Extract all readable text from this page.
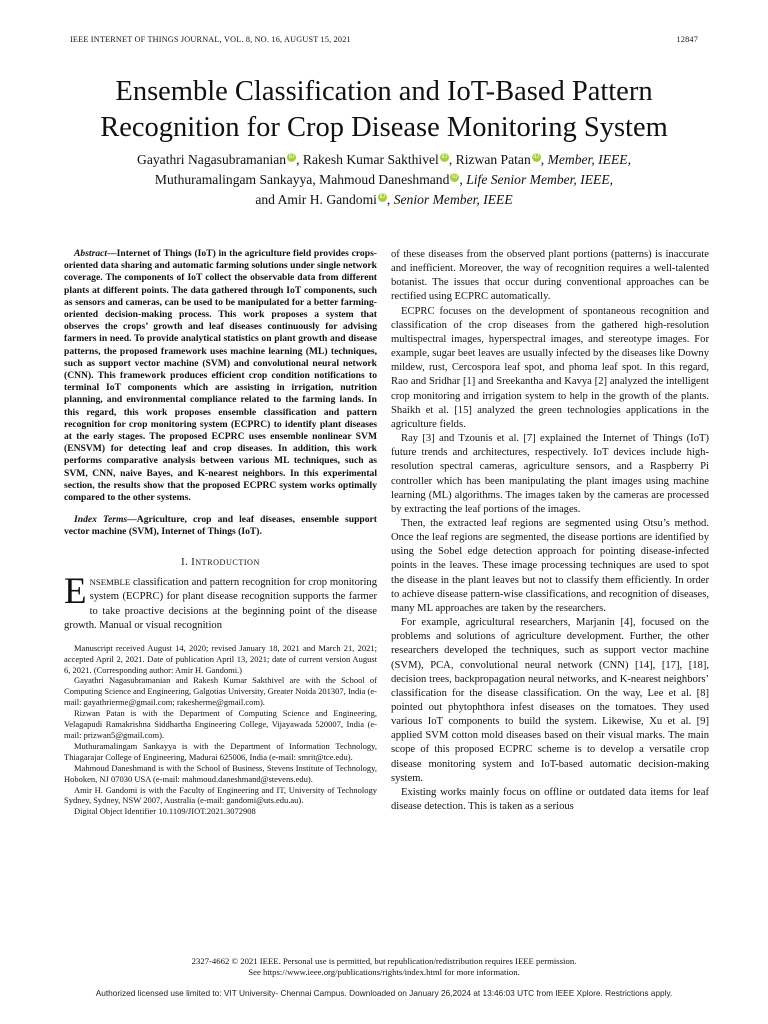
IEEE INTERNET OF THINGS JOURNAL, VOL. 8, NO. 16, AUGUST 15, 2021	12847
Ensemble Classification and IoT-Based Pattern
Recognition for Crop Disease Monitoring System
Gayathri Nagasubramanian iD , Rakesh Kumar Sakthivel iD , Rizwan Patan iD , Member, IEEE,
Muthuramalingam Sankayya, Mahmoud Daneshmand iD , Life Senior Member, IEEE,
and Amir H. Gandomi iD , Senior Member, IEEE

Abstract—Internet of Things (IoT) in the agriculture field provides crops-oriented data sharing and automatic farming solutions under single network coverage. The components of IoT collect the observable data from different plants at different points. The data gathered through IoT components, such as sensors and cameras, can be used to be manipulated for a better farming-oriented decision-making process. This work proposes a system that observes the crops’ growth and leaf diseases continuously for advising farmers in need. To provide analytical statistics on plant growth and disease patterns, the proposed framework uses machine learning (ML) techniques, such as support vector machine (SVM) and convolutional neural network (CNN). This framework produces efficient crop condition notifications to terminal IoT components which are assisting in irrigation, nutrition planning, and environmental compliance related to the farming lands. In this regard, this work proposes ensemble classification and pattern recognition for crop monitoring system (ECPRC) to identify plant diseases at the early stages. The proposed ECPRC uses ensemble nonlinear SVM (ENSVM) for detecting leaf and crop diseases. In addition, this work performs comparative analysis between various ML techniques, such as SVM, CNN, naive Bayes, and K-nearest neighbors. In this experimental section, the results show that the proposed ECPRC system works optimally compared to the other systems.

Index Terms—Agriculture, crop and leaf diseases, ensemble support vector machine (SVM), Internet of Things (IoT).

I. INTRODUCTION

ENSEMBLE classification and pattern recognition for crop monitoring system (ECPRC) for plant disease recognition supports the farmer to take proactive decisions at the beginning point of the disease growth. Manual or visual recognition

Manuscript received August 14, 2020; revised January 18, 2021 and March 21, 2021; accepted April 2, 2021. Date of publication April 13, 2021; date of current version August 6, 2021. (Corresponding author: Amir H. Gandomi.)

Gayathri Nagasubramanian and Rakesh Kumar Sakthivel are with the School of Computing Science and Engineering, Galgotias University, Greater Noida 201307, India (e-mail: gayathrierme@gmail.com; rakesherme@gmail.com).

Rizwan Patan is with the Department of Computing Science and Engineering, Velagapudi Ramakrishna Siddhartha Engineering College, Vijayawada 520007, India (e-mail: prizwan5@gmail.com).

Muthuramalingam Sankayya is with the Department of Information Technology, Thiagarajar College of Engineering, Madurai 625006, India (e-mail: smrit@tce.edu).

Mahmoud Daneshmand is with the School of Business, Stevens Institute of Technology, Hoboken, NJ 07030 USA (e-mail: mahmoud.daneshmand@stevens.edu).

Amir H. Gandomi is with the Faculty of Engineering and IT, University of Technology Sydney, Sydney, NSW 2007, Australia (e-mail: gandomi@uts.edu.au).

Digital Object Identifier 10.1109/JIOT.2021.3072908

of these diseases from the observed plant portions (patterns) is inaccurate and inefficient. Moreover, the way of recognition requires a well-talented botanist. The issues that occur during conventional approaches can be rectified using ECPRC automatically.

ECPRC focuses on the development of spontaneous recognition and classification of the crop diseases from the gathered high-resolution multispectral images, hyperspectral images, and stereotype images. For example, sugar beet leaves are usually infected by the diseases like Downy mildew, rust, Cercospora leaf spot, and phoma leaf spot. In this regard, Rao and Sridhar [1] and Sreekantha and Kavya [2] analyzed the intelligent crop monitoring and irrigation system to help in the growth of the plants. Shaikh et al. [15] analyzed the green technologies applications in the agriculture fields.

Ray [3] and Tzounis et al. [7] explained the Internet of Things (IoT) future trends and architectures, respectively. IoT devices include high-resolution spectral cameras, agriculture sensors, and a Raspberry Pi controller which has been manipulating the plant images using machine learning (ML) algorithms. The images taken by the cameras are processed by extracting the leaf portions of the images.

Then, the extracted leaf regions are segmented using Otsu’s method. Once the leaf regions are segmented, the disease portions are identified by using the Sobel edge detection approach for pointing disease-infected points in the leaves. These image processing techniques are used to spot the disease in the plant leaves but not to classify them efficiently. In order to achieve disease pattern-wise classifications, and recognition of diseases, many ML approaches are taken by the researchers.

For example, agricultural researchers, Marjanin [4], focused on the problems and solutions of agriculture development. Further, the other researchers developed the techniques, such as support vector machine (SVM), PCA, convolutional neural network (CNN) [14], [17], [18], decision trees, backpropagation neural networks, and K-nearest neighbors’ classification for the disease classification. On the way, Lee et al. [8] pointed out phytophthora infest diseases on the tomatoes. They used various IoT components to build the system. Likewise, Xu et al. [9] applied SVM cotton mold diseases based on their visual marks. The main scope of this proposed ECPRC scheme is to develop a versatile crop disease monitoring system and IoT-based automatic decision-making system.

Existing works mainly focus on offline or outdated data items for leaf disease detection. This is taken as a serious

2327-4662 © 2021 IEEE. Personal use is permitted, but republication/redistribution requires IEEE permission.
See https://www.ieee.org/publications/rights/index.html for more information.
Authorized licensed use limited to: VIT University- Chennai Campus. Downloaded on January 26,2024 at 13:46:03 UTC from IEEE Xplore. Restrictions apply.
